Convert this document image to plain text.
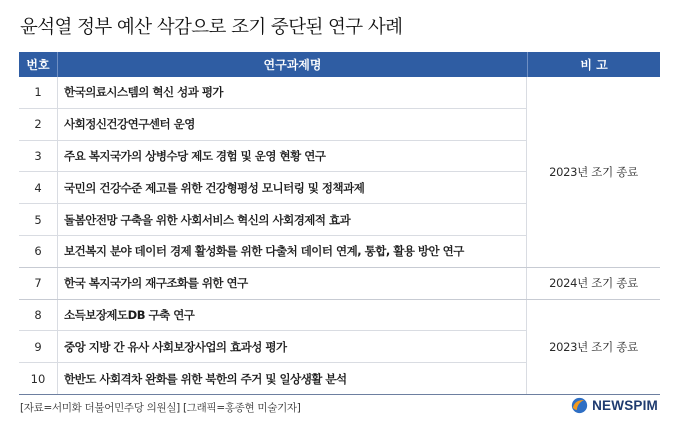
윤석열 정부 예산 삭감으로 조기 중단된 연구 사례
번호	연구과제명	비 고
1	한국의료시스템의 혁신 성과 평가
2	사회정신건강연구센터 운영
3	주요 복지국가의 상병수당 제도 경험 및 운영 현황 연구
4	국민의 건강수준 제고를 위한 건강형평성 모니터링 및 정책과제
5	돌봄안전망 구축을 위한 사회서비스 혁신의 사회경제적 효과
6	보건복지 분야 데이터 경제 활성화를 위한 다출처 데이터 연계, 통합, 활용 방안 연구
2023년 조기 종료
7	한국 복지국가의 재구조화를 위한 연구	2024년 조기 종료
8	소득보장제도DB 구축 연구
9	중앙 지방 간 유사 사회보장사업의 효과성 평가
10	한반도 사회격차 완화를 위한 북한의 주거 및 일상생활 분석
2023년 조기 종료
[자료=서미화 더불어민주당 의원실] [그래픽=홍종현 미술기자]	NEWSPIM
